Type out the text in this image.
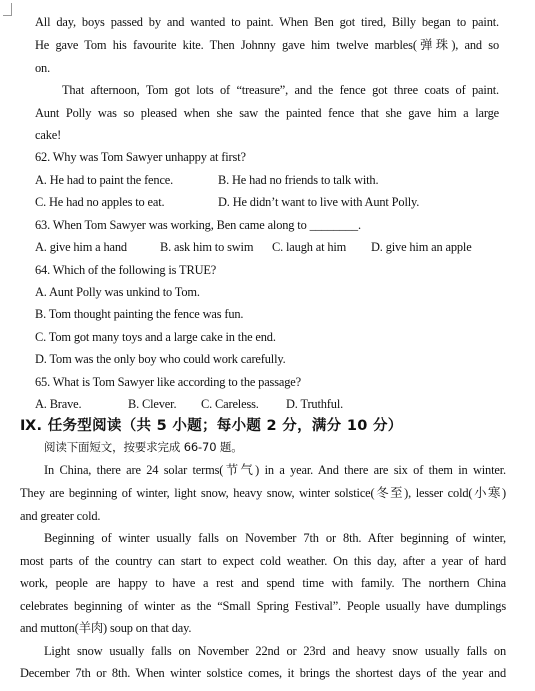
All day, boys passed by and wanted to paint. When Ben got tired, Billy began to paint.
He gave Tom his favourite kite. Then Johnny gave him twelve marbles(弹珠), and so
on.
That afternoon, Tom got lots of “treasure”, and the fence got three coats of paint.
Aunt Polly was so pleased when she saw the painted fence that she gave him a large
cake!
62. Why was Tom Sawyer unhappy at first?
A. He had to paint the fence.	B. He had no friends to talk with.
C. He had no apples to eat.	D. He didn’t want to live with Aunt Polly.
63. When Tom Sawyer was working, Ben came along to ________.
A. give him a hand	B. ask him to swim C. laugh at him D. give him an apple
64. Which of the following is TRUE?
A. Aunt Polly was unkind to Tom.
B. Tom thought painting the fence was fun.
C. Tom got many toys and a large cake in the end.
D. Tom was the only boy who could work carefully.
65. What is Tom Sawyer like according to the passage?
A. Brave.	B. Clever. C. Careless. D. Truthful.
Ⅸ. 任务型阅读（共 5 小题；每小题 2 分，满分 10 分）
阅读下面短文，按要求完成 66-70 题。
In China, there are 24 solar terms(节气) in a year. And there are six of them in winter.
They are beginning of winter, light snow, heavy snow, winter solstice(冬至), lesser cold(小寒)
and greater cold.
Beginning of winter usually falls on November 7th or 8th. After beginning of winter,
most parts of the country can start to expect cold weather. On this day, after a year of hard
work, people are happy to have a rest and spend time with family. The northern China
celebrates beginning of winter as the “Small Spring Festival”. People usually have dumplings
and mutton(羊肉) soup on that day.
Light snow usually falls on November 22nd or 23rd and heavy snow usually falls on
December 7th or 8th. When winter solstice comes, it brings the shortest days of the year and
